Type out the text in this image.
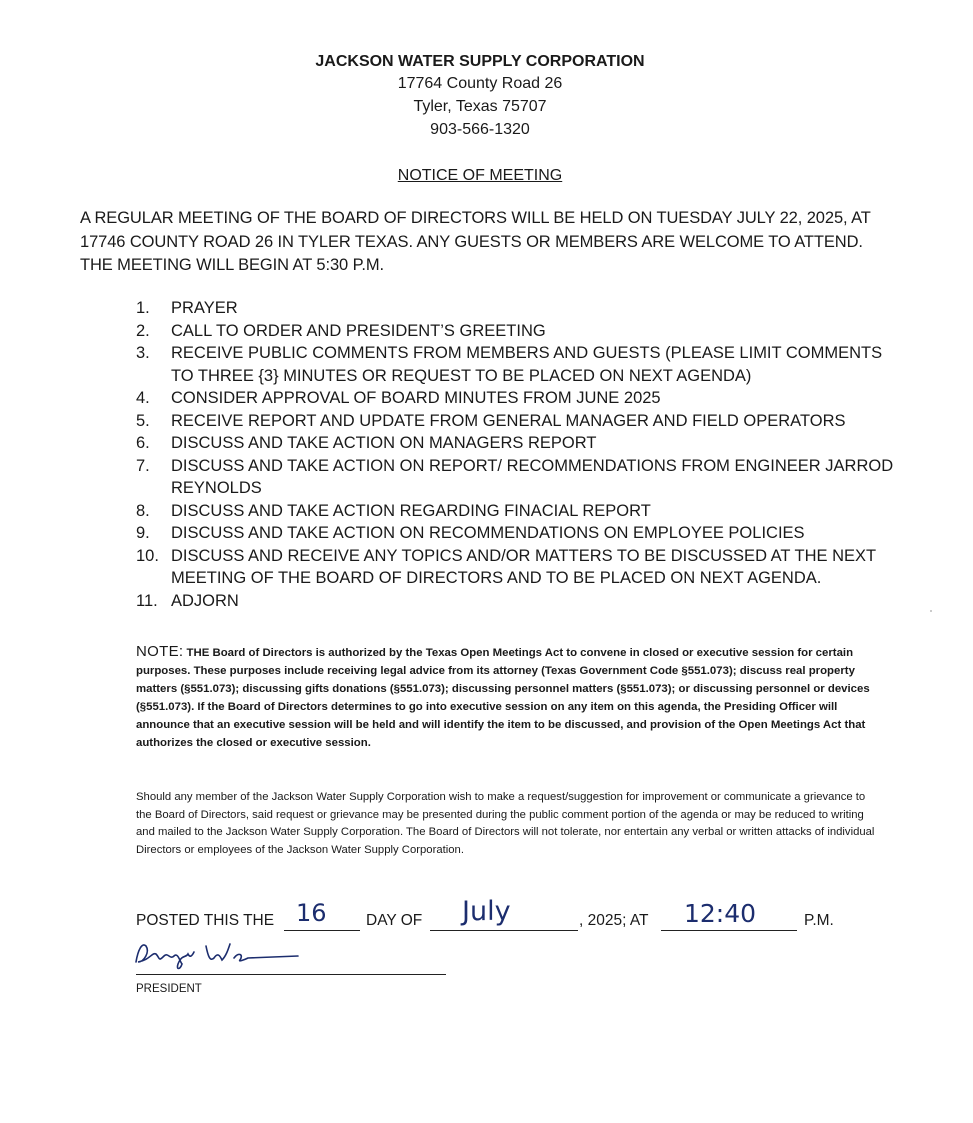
JACKSON WATER SUPPLY CORPORATION
17764 County Road 26
Tyler, Texas 75707
903-566-1320
NOTICE OF MEETING
A REGULAR MEETING OF THE BOARD OF DIRECTORS WILL BE HELD ON TUESDAY JULY 22, 2025, AT 17746 COUNTY ROAD 26 IN TYLER TEXAS. ANY GUESTS OR MEMBERS ARE WELCOME TO ATTEND. THE MEETING WILL BEGIN AT 5:30 P.M.
1.	PRAYER
2.	CALL TO ORDER AND PRESIDENT’S GREETING
3.	RECEIVE PUBLIC COMMENTS FROM MEMBERS AND GUESTS (PLEASE LIMIT COMMENTS TO THREE {3} MINUTES OR REQUEST TO BE PLACED ON NEXT AGENDA)
4.	CONSIDER APPROVAL OF BOARD MINUTES FROM JUNE 2025
5.	RECEIVE REPORT AND UPDATE FROM GENERAL MANAGER AND FIELD OPERATORS
6.	DISCUSS AND TAKE ACTION ON MANAGERS REPORT
7.	DISCUSS AND TAKE ACTION ON REPORT/ RECOMMENDATIONS FROM ENGINEER JARROD REYNOLDS
8.	DISCUSS AND TAKE ACTION REGARDING FINACIAL REPORT
9.	DISCUSS AND TAKE ACTION ON RECOMMENDATIONS ON EMPLOYEE POLICIES
10. DISCUSS AND RECEIVE ANY TOPICS AND/OR MATTERS TO BE DISCUSSED AT THE NEXT MEETING OF THE BOARD OF DIRECTORS AND TO BE PLACED ON NEXT AGENDA.
11. ADJORN
NOTE: THE Board of Directors is authorized by the Texas Open Meetings Act to convene in closed or executive session for certain purposes. These purposes include receiving legal advice from its attorney (Texas Government Code §551.073); discuss real property matters (§551.073); discussing gifts donations (§551.073); discussing personnel matters (§551.073); or discussing personnel or devices (§551.073). If the Board of Directors determines to go into executive session on any item on this agenda, the Presiding Officer will announce that an executive session will be held and will identify the item to be discussed, and provision of the Open Meetings Act that authorizes the closed or executive session.
Should any member of the Jackson Water Supply Corporation wish to make a request/suggestion for improvement or communicate a grievance to the Board of Directors, said request or grievance may be presented during the public comment portion of the agenda or may be reduced to writing and mailed to the Jackson Water Supply Corporation. The Board of Directors will not tolerate, nor entertain any verbal or written attacks of individual Directors or employees of the Jackson Water Supply Corporation.
POSTED THIS THE 16	DAY OF July	, 2025; AT 12:40	P.M.
PRESIDENT
